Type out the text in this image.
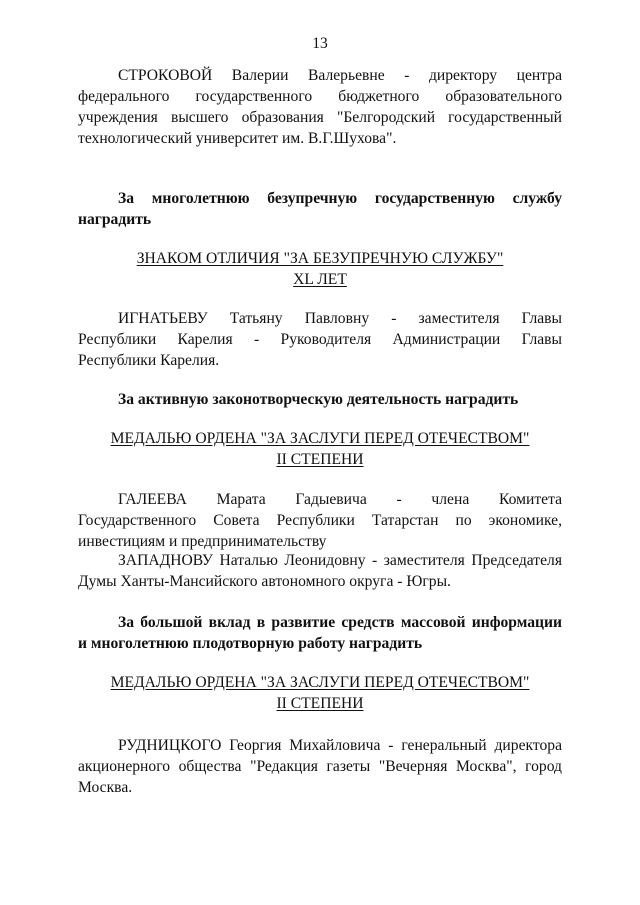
13
СТРОКОВОЙ Валерии Валерьевне - директору центра
федерального государственного бюджетного образовательного
учреждения высшего образования "Белгородский государственный
технологический университет им. В.Г.Шухова".
За многолетнюю безупречную государственную службу
наградить
ЗНАКОМ ОТЛИЧИЯ "ЗА БЕЗУПРЕЧНУЮ СЛУЖБУ"
XL ЛЕТ
ИГНАТЬЕВУ Татьяну Павловну - заместителя Главы
Республики Карелия - Руководителя Администрации Главы
Республики Карелия.
За активную законотворческую деятельность наградить
МЕДАЛЬЮ ОРДЕНА "ЗА ЗАСЛУГИ ПЕРЕД ОТЕЧЕСТВОМ"
II СТЕПЕНИ
ГАЛЕЕВА Марата Гадыевича - члена Комитета
Государственного Совета Республики Татарстан по экономике,
инвестициям и предпринимательству
ЗАПАДНОВУ Наталью Леонидовну - заместителя Председателя
Думы Ханты-Мансийского автономного округа - Югры.
За большой вклад в развитие средств массовой информации
и многолетнюю плодотворную работу наградить
МЕДАЛЬЮ ОРДЕНА "ЗА ЗАСЛУГИ ПЕРЕД ОТЕЧЕСТВОМ"
II СТЕПЕНИ
РУДНИЦКОГО Георгия Михайловича - генеральный директора
акционерного общества "Редакция газеты "Вечерняя Москва", город
Москва.
